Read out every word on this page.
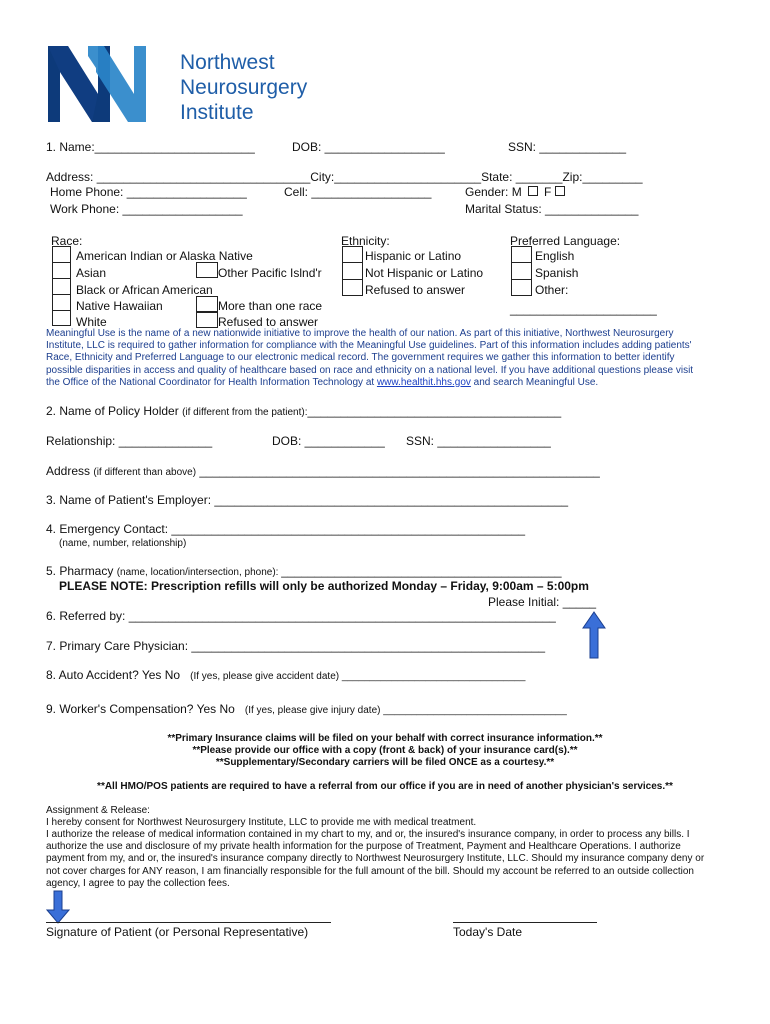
Northwest
Neurosurgery
Institute
1. Name:________________________	DOB: __________________	SSN: _____________
Address: ________________________________City:______________________State: _______Zip:_________
Home Phone: __________________	Cell: __________________	Gender: M F
Work Phone: __________________	Marital Status: ______________
Race:
American Indian or Alaska Native
Asian	Other Pacific Islnd'r
Black or African American
Native Hawaiian	More than one race
White	Refused to answer
Ethnicity:
Hispanic or Latino
Not Hispanic or Latino
Refused to answer
Preferred Language:
English
Spanish
Other:
______________________
Meaningful Use is the name of a new nationwide initiative to improve the health of our nation. As part of this initiative, Northwest Neurosurgery Institute, LLC is required to gather information for compliance with the Meaningful Use guidelines. Part of this information includes adding patients' Race, Ethnicity and Preferred Language to our electronic medical record. The government requires we gather this information to better identify possible disparities in access and quality of healthcare based on race and ethnicity on a national level. If you have additional questions please visit the Office of the National Coordinator for Health Information Technology at www.healthit.hhs.gov and search Meaningful Use.
2. Name of Policy Holder (if different from the patient):______________________________________
Relationship: ______________	DOB: ____________ SSN: _________________
Address (if different than above) ____________________________________________________________
3. Name of Patient's Employer: _____________________________________________________
4. Emergency Contact: _____________________________________________________
(name, number, relationship)
5. Pharmacy (name, location/intersection, phone): __________________________________________
PLEASE NOTE: Prescription refills will only be authorized Monday – Friday, 9:00am – 5:00pm
Please Initial: _____
6. Referred by: ________________________________________________________________
7. Primary Care Physician: _____________________________________________________
8. Auto Accident? Yes No (If yes, please give accident date) _________________________________
9. Worker's Compensation? Yes No (If yes, please give injury date) _________________________________
**Primary Insurance claims will be filed on your behalf with correct insurance information.**
**Please provide our office with a copy (front & back) of your insurance card(s).**
**Supplementary/Secondary carriers will be filed ONCE as a courtesy.**
**All HMO/POS patients are required to have a referral from our office if you are in need of another physician's services.**
Assignment & Release:
I hereby consent for Northwest Neurosurgery Institute, LLC to provide me with medical treatment.
I authorize the release of medical information contained in my chart to my, and or, the insured's insurance company, in order to process any bills. I authorize the use and disclosure of my private health information for the purpose of Treatment, Payment and Healthcare Operations. I authorize payment from my, and or, the insured's insurance company directly to Northwest Neurosurgery Institute, LLC. Should my insurance company deny or not cover charges for ANY reason, I am financially responsible for the full amount of the bill. Should my account be referred to an outside collection agency, I agree to pay the collection fees.
Signature of Patient (or Personal Representative)	Today's Date
